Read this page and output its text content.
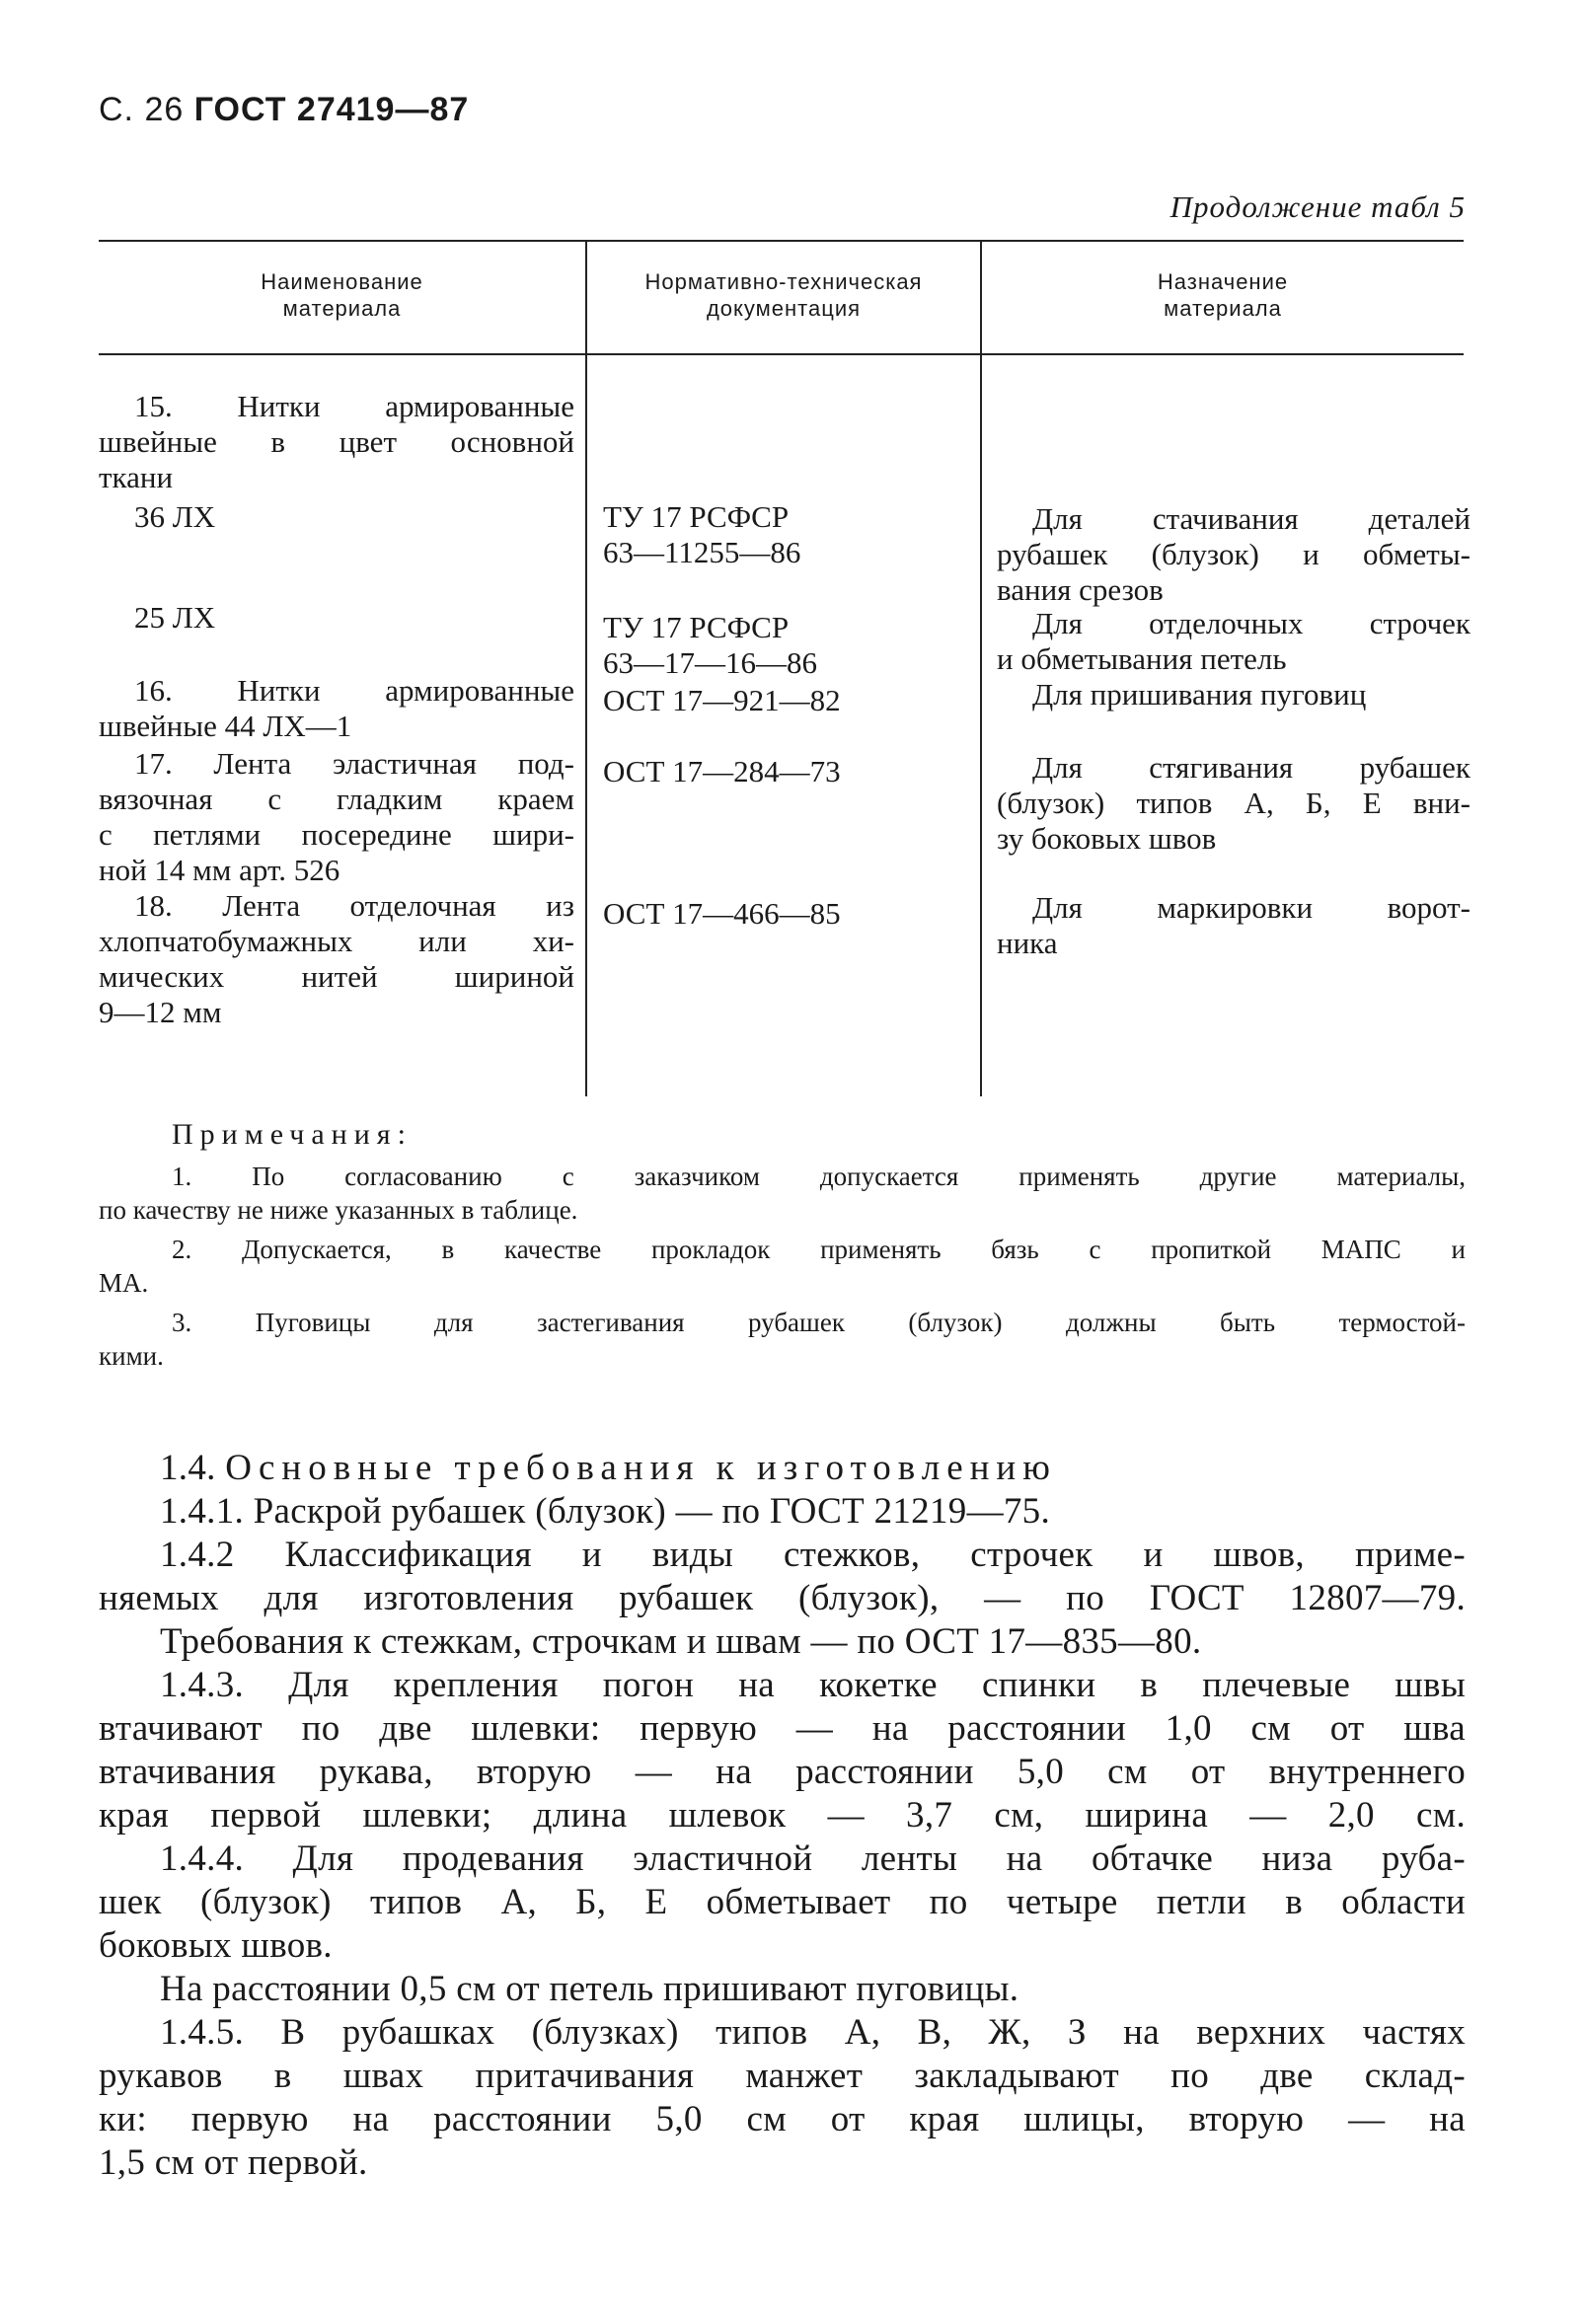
С. 26 ГОСТ 27419—87
Продолжение табл 5
Наименование
материала
Нормативно-техническая
документация
Назначение
материала
15. Нитки армированные
швейные в цвет основной
ткани
36 ЛХ
25 ЛХ
16. Нитки армированные
швейные 44 ЛХ—1
17. Лента эластичная под-
вязочная с гладким краем
с петлями посередине шири-
ной 14 мм арт. 526
18. Лента отделочная из
хлопчатобумажных или хи-
мических нитей шириной
9—12 мм
ТУ 17 РСФСР
63—11255—86
ТУ 17 РСФСР
63—17—16—86
ОСТ 17—921—82
ОСТ 17—284—73
ОСТ 17—466—85
Для стачивания деталей
рубашек (блузок) и обметы-
вания срезов
Для отделочных строчек
и обметывания петель
Для пришивания пуговиц
Для стягивания рубашек
(блузок) типов А, Б, Е вни-
зу боковых швов
Для маркировки ворот-
ника
Примечания:
1. По согласованию с заказчиком допускается применять другие материалы,
по качеству не ниже указанных в таблице.
2. Допускается, в качестве прокладок применять бязь с пропиткой МАПС и
МА.
3. Пуговицы для застегивания рубашек (блузок) должны быть термостой-
кими.
1.4. Основные требования к изготовлению
1.4.1. Раскрой рубашек (блузок) — по ГОСТ 21219—75.
1.4.2 Классификация и виды стежков, строчек и швов, приме-
няемых для изготовления рубашек (блузок), — по ГОСТ 12807—79.
Требования к стежкам, строчкам и швам — по ОСТ 17—835—80.
1.4.3. Для крепления погон на кокетке спинки в плечевые швы
втачивают по две шлевки: первую — на расстоянии 1,0 см от шва
втачивания рукава, вторую — на расстоянии 5,0 см от внутреннего
края первой шлевки; длина шлевок — 3,7 см, ширина — 2,0 см.
1.4.4. Для продевания эластичной ленты на обтачке низа руба-
шек (блузок) типов А, Б, Е обметывает по четыре петли в области
боковых швов.
На расстоянии 0,5 см от петель пришивают пуговицы.
1.4.5. В рубашках (блузках) типов А, В, Ж, З на верхних частях
рукавов в швах притачивания манжет закладывают по две склад-
ки: первую на расстоянии 5,0 см от края шлицы, вторую — на
1,5 см от первой.
